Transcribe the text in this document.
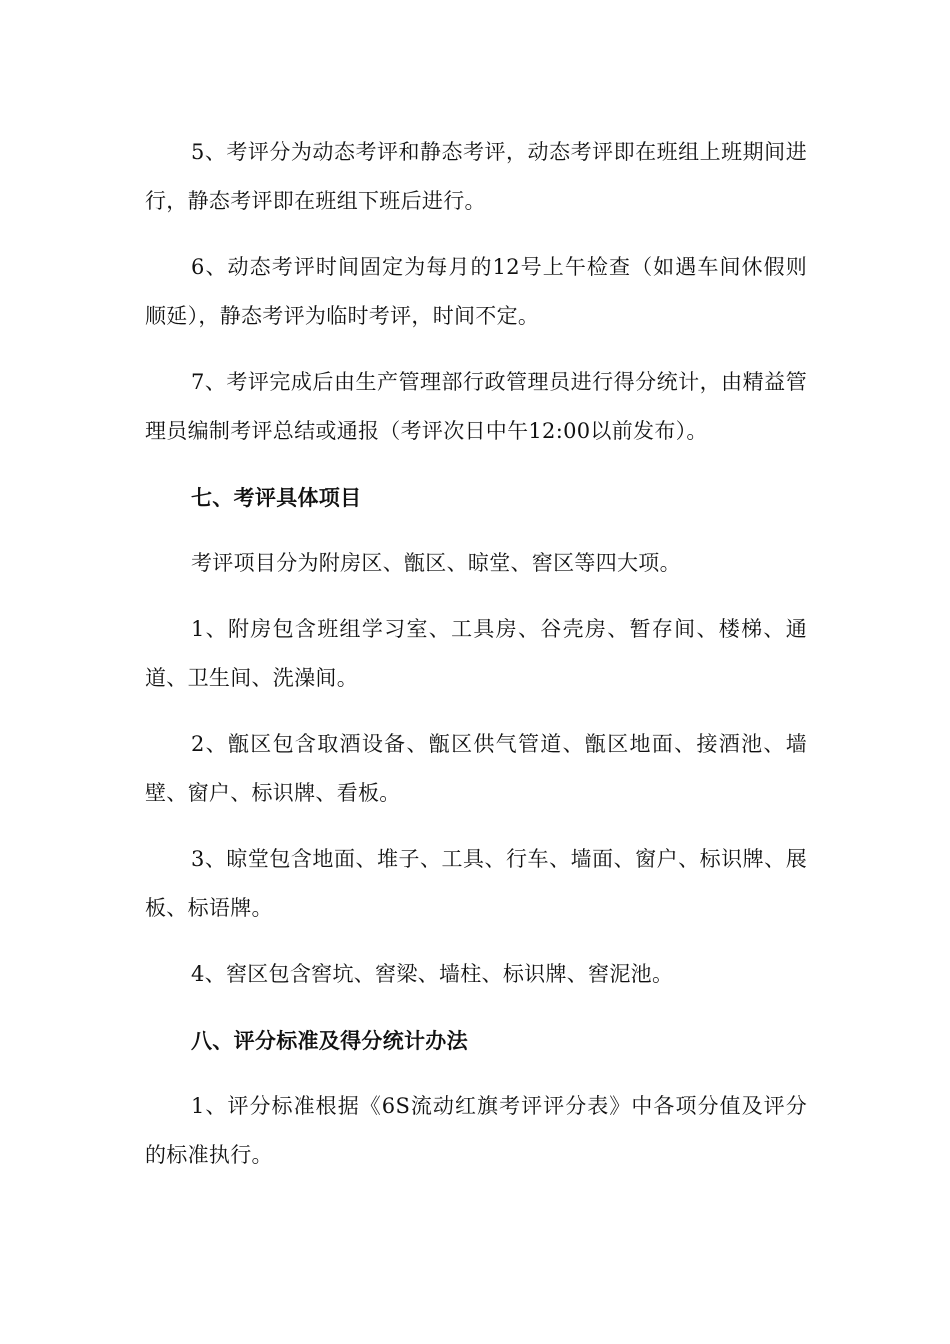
5、考评分为动态考评和静态考评，动态考评即在班组上班期间进行，静态考评即在班组下班后进行。

6、动态考评时间固定为每月的12号上午检查（如遇车间休假则顺延），静态考评为临时考评，时间不定。

7、考评完成后由生产管理部行政管理员进行得分统计，由精益管理员编制考评总结或通报（考评次日中午12:00以前发布）。

七、考评具体项目

考评项目分为附房区、甑区、晾堂、窖区等四大项。

1、附房包含班组学习室、工具房、谷壳房、暂存间、楼梯、通道、卫生间、洗澡间。

2、甑区包含取酒设备、甑区供气管道、甑区地面、接酒池、墙壁、窗户、标识牌、看板。

3、晾堂包含地面、堆子、工具、行车、墙面、窗户、标识牌、展板、标语牌。

4、窖区包含窖坑、窖梁、墙柱、标识牌、窖泥池。

八、评分标准及得分统计办法

1、评分标准根据《6S流动红旗考评评分表》中各项分值及评分的标准执行。
